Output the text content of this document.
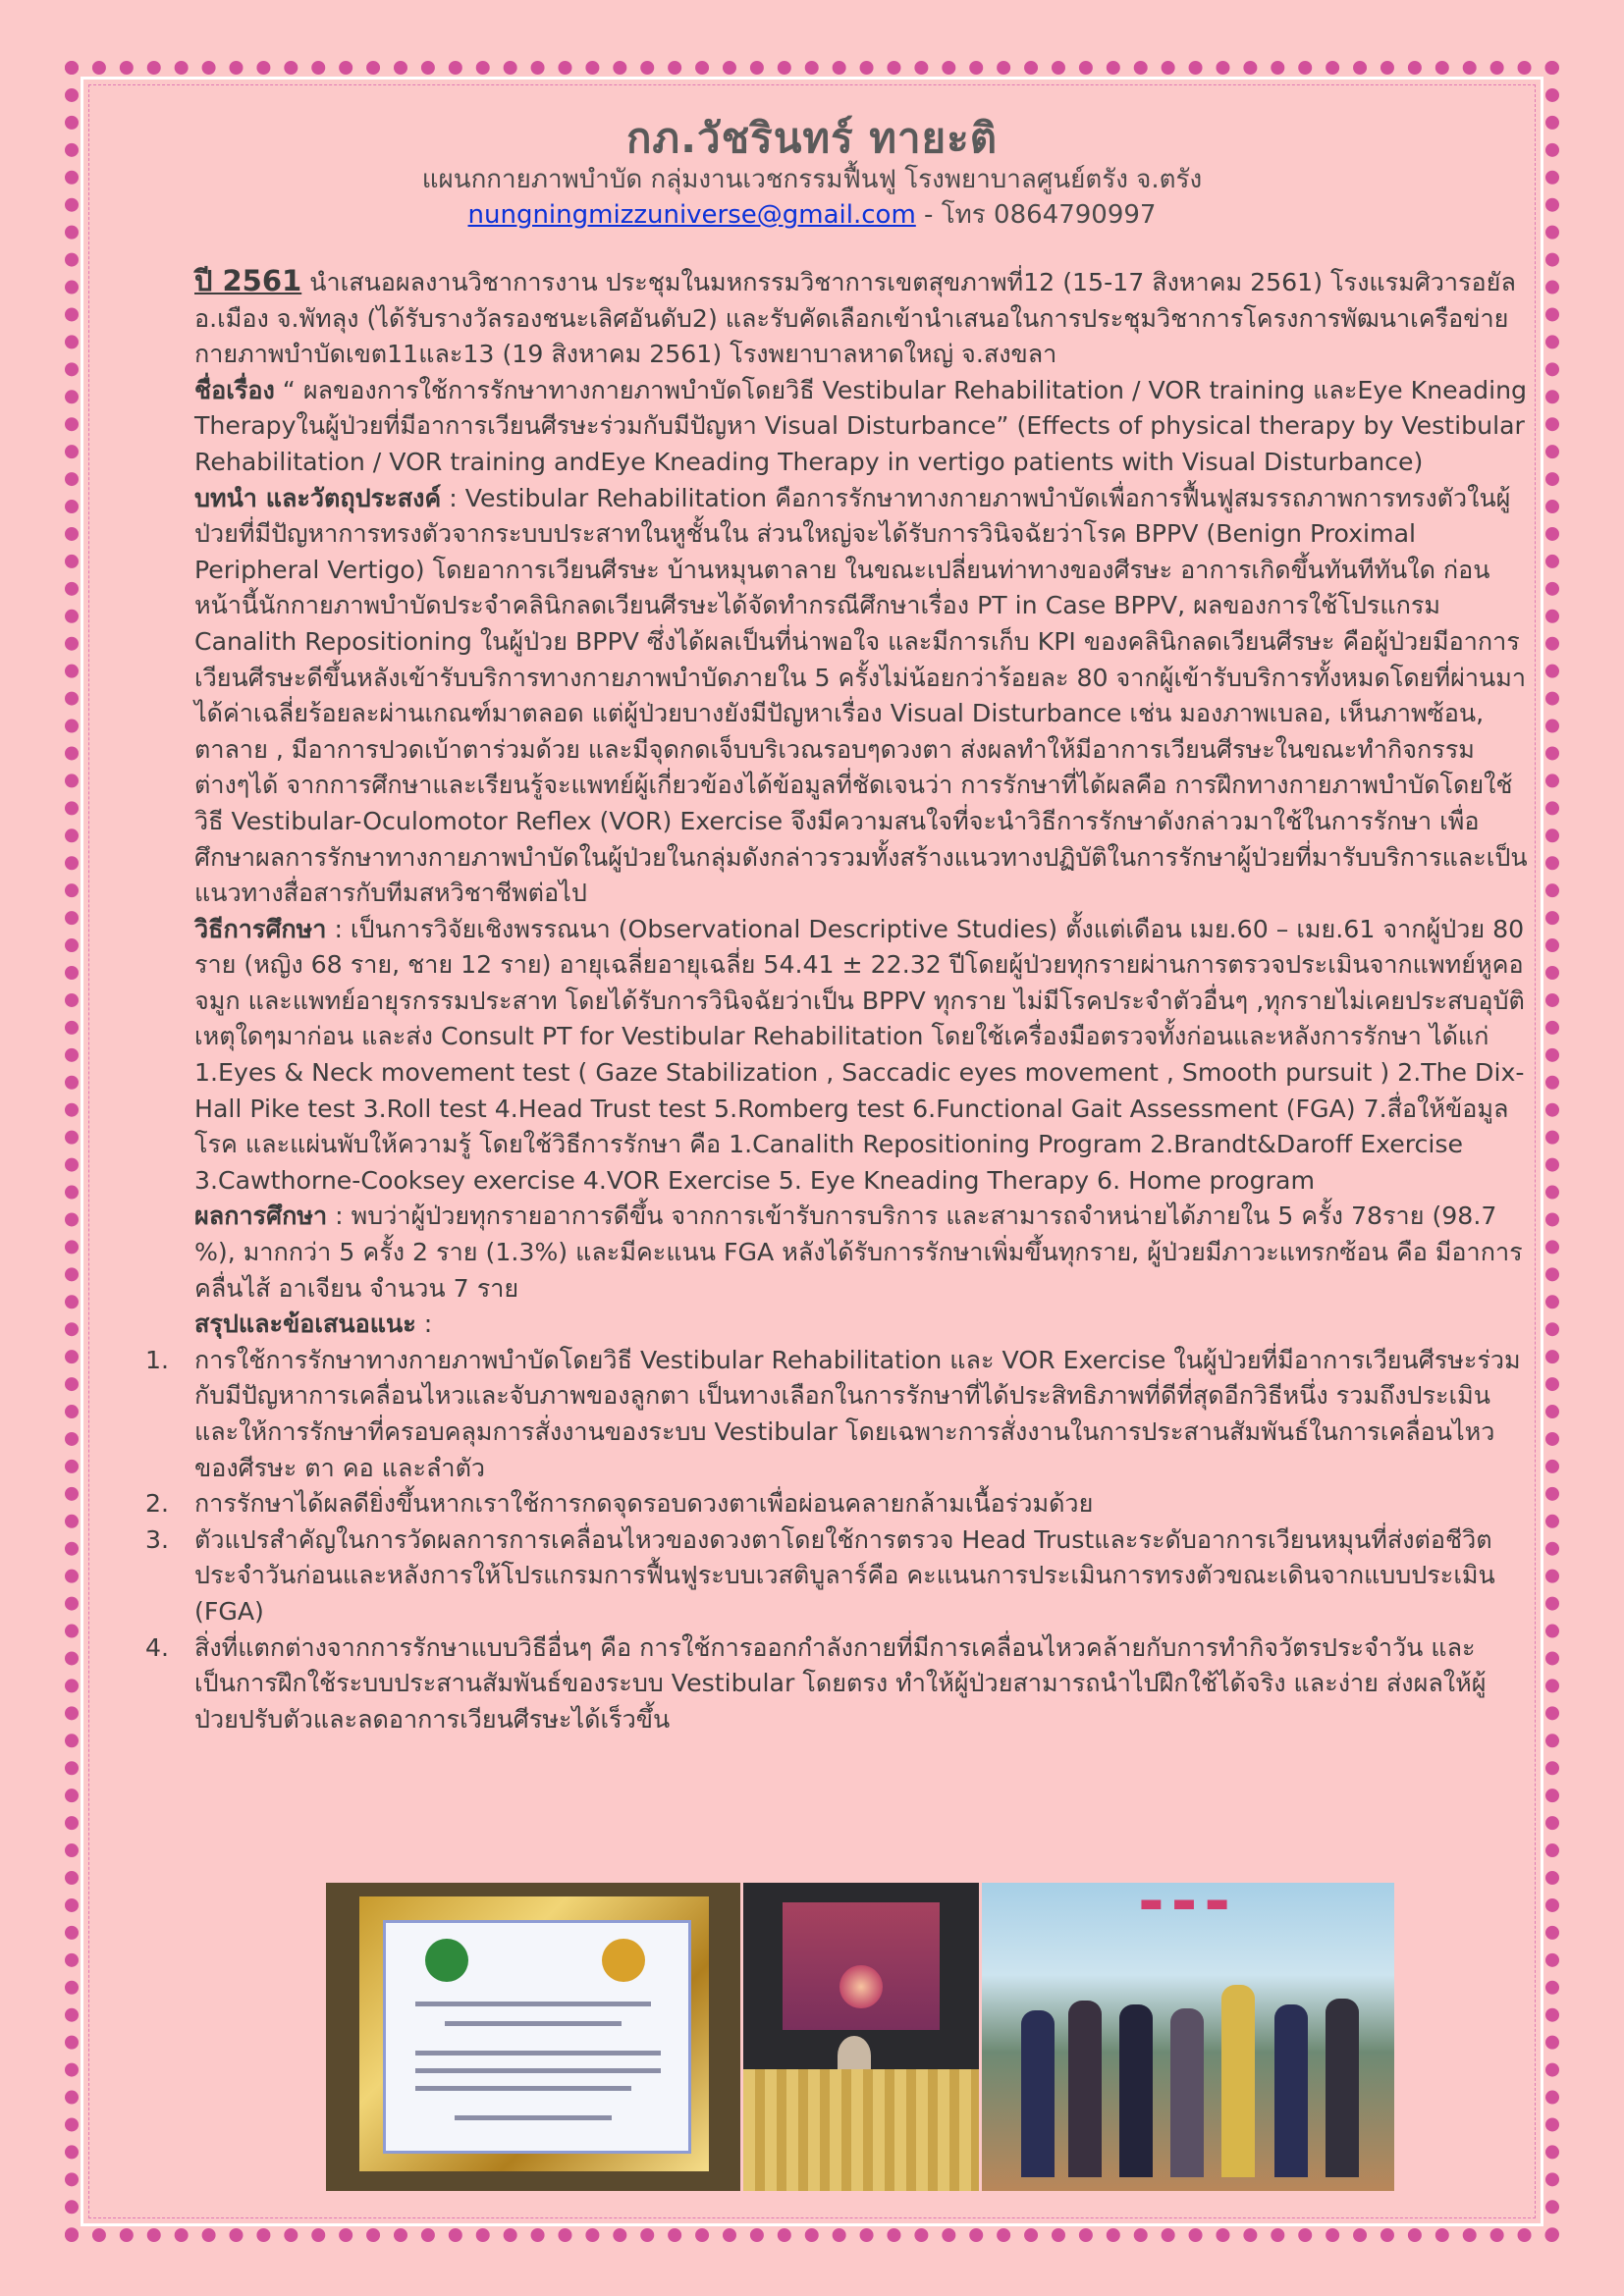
กภ.วัชรินทร์ ทายะติ
แผนกกายภาพบำบัด กลุ่มงานเวชกรรมฟื้นฟู โรงพยาบาลศูนย์ตรัง จ.ตรัง
nungningmizzuniverse@gmail.com - โทร 0864790997

ปี 2561 นำเสนอผลงานวิชาการงาน ประชุมในมหกรรมวิชาการเขตสุขภาพที่12 (15-17 สิงหาคม 2561) โรงแรมศิวารอยัล อ.เมือง จ.พัทลุง (ได้รับรางวัลรองชนะเลิศอันดับ2) และรับคัดเลือกเข้านำเสนอในการประชุมวิชาการโครงการพัฒนาเครือข่ายกายภาพบำบัดเขต11และ13 (19 สิงหาคม 2561) โรงพยาบาลหาดใหญ่ จ.สงขลา

ชื่อเรื่อง “ ผลของการใช้การรักษาทางกายภาพบำบัดโดยวิธี Vestibular Rehabilitation / VOR training และEye Kneading Therapyในผู้ป่วยที่มีอาการเวียนศีรษะร่วมกับมีปัญหา Visual Disturbance” (Effects of physical therapy by Vestibular Rehabilitation / VOR training andEye Kneading Therapy in vertigo patients with Visual Disturbance)

บทนำ และวัตถุประสงค์ : Vestibular Rehabilitation คือการรักษาทางกายภาพบำบัดเพื่อการฟื้นฟูสมรรถภาพการทรงตัวในผู้ป่วยที่มีปัญหาการทรงตัวจากระบบประสาทในหูชั้นใน ส่วนใหญ่จะได้รับการวินิจฉัยว่าโรค BPPV (Benign Proximal Peripheral Vertigo) โดยอาการเวียนศีรษะ บ้านหมุนตาลาย ในขณะเปลี่ยนท่าทางของศีรษะ อาการเกิดขึ้นทันทีทันใด ก่อนหน้านี้นักกายภาพบำบัดประจำคลินิกลดเวียนศีรษะได้จัดทำกรณีศึกษาเรื่อง PT in Case BPPV, ผลของการใช้โปรแกรม Canalith Repositioning ในผู้ป่วย BPPV ซึ่งได้ผลเป็นที่น่าพอใจ และมีการเก็บ KPI ของคลินิกลดเวียนศีรษะ คือผู้ป่วยมีอาการเวียนศีรษะดีขึ้นหลังเข้ารับบริการทางกายภาพบำบัดภายใน 5 ครั้งไม่น้อยกว่าร้อยละ 80 จากผู้เข้ารับบริการทั้งหมดโดยที่ผ่านมาได้ค่าเฉลี่ยร้อยละผ่านเกณฑ์มาตลอด แต่ผู้ป่วยบางยังมีปัญหาเรื่อง Visual Disturbance เช่น มองภาพเบลอ, เห็นภาพซ้อน, ตาลาย , มีอาการปวดเบ้าตาร่วมด้วย และมีจุดกดเจ็บบริเวณรอบๆดวงตา ส่งผลทำให้มีอาการเวียนศีรษะในขณะทำกิจกรรมต่างๆได้ จากการศึกษาและเรียนรู้จะแพทย์ผู้เกี่ยวข้องได้ข้อมูลที่ชัดเจนว่า การรักษาที่ได้ผลคือ การฝึกทางกายภาพบำบัดโดยใช้วิธี Vestibular-Oculomotor Reflex (VOR) Exercise จึงมีความสนใจที่จะนำวิธีการรักษาดังกล่าวมาใช้ในการรักษา เพื่อศึกษาผลการรักษาทางกายภาพบำบัดในผู้ป่วยในกลุ่มดังกล่าวรวมทั้งสร้างแนวทางปฏิบัติในการรักษาผู้ป่วยที่มารับบริการและเป็นแนวทางสื่อสารกับทีมสหวิชาชีพต่อไป

วิธีการศึกษา : เป็นการวิจัยเชิงพรรณนา (Observational Descriptive Studies) ตั้งแต่เดือน เมย.60 – เมย.61 จากผู้ป่วย 80 ราย (หญิง 68 ราย, ชาย 12 ราย) อายุเฉลี่ยอายุเฉลี่ย 54.41 ± 22.32 ปีโดยผู้ป่วยทุกรายผ่านการตรวจประเมินจากแพทย์หูคอจมูก และแพทย์อายุรกรรมประสาท โดยได้รับการวินิจฉัยว่าเป็น BPPV ทุกราย ไม่มีโรคประจำตัวอื่นๆ ,ทุกรายไม่เคยประสบอุบัติเหตุใดๆมาก่อน และส่ง Consult PT for Vestibular Rehabilitation โดยใช้เครื่องมือตรวจทั้งก่อนและหลังการรักษา ได้แก่ 1.Eyes & Neck movement test ( Gaze Stabilization , Saccadic eyes movement , Smooth pursuit ) 2.The Dix-Hall Pike test 3.Roll test 4.Head Trust test 5.Romberg test 6.Functional Gait Assessment (FGA) 7.สื่อให้ข้อมูลโรค และแผ่นพับให้ความรู้ โดยใช้วิธีการรักษา คือ 1.Canalith Repositioning Program 2.Brandt&Daroff Exercise 3.Cawthorne-Cooksey exercise 4.VOR Exercise 5. Eye Kneading Therapy 6. Home program

ผลการศึกษา : พบว่าผู้ป่วยทุกรายอาการดีขึ้น จากการเข้ารับการบริการ และสามารถจำหน่ายได้ภายใน 5 ครั้ง 78ราย (98.7 %), มากกว่า 5 ครั้ง 2 ราย (1.3%) และมีคะแนน FGA หลังได้รับการรักษาเพิ่มขึ้นทุกราย, ผู้ป่วยมีภาวะแทรกซ้อน คือ มีอาการคลื่นไส้ อาเจียน จำนวน 7 ราย

สรุปและข้อเสนอแนะ :

1.	การใช้การรักษาทางกายภาพบำบัดโดยวิธี Vestibular Rehabilitation และ VOR Exercise ในผู้ป่วยที่มีอาการเวียนศีรษะร่วมกับมีปัญหาการเคลื่อนไหวและจับภาพของลูกตา เป็นทางเลือกในการรักษาที่ได้ประสิทธิภาพที่ดีที่สุดอีกวิธีหนึ่ง รวมถึงประเมินและให้การรักษาที่ครอบคลุมการสั่งงานของระบบ Vestibular โดยเฉพาะการสั่งงานในการประสานสัมพันธ์ในการเคลื่อนไหวของศีรษะ ตา คอ และลำตัว
2.	การรักษาได้ผลดียิ่งขึ้นหากเราใช้การกดจุดรอบดวงตาเพื่อผ่อนคลายกล้ามเนื้อร่วมด้วย
3.	ตัวแปรสำคัญในการวัดผลการการเคลื่อนไหวของดวงตาโดยใช้การตรวจ Head Trustและระดับอาการเวียนหมุนที่ส่งต่อชีวิตประจำวันก่อนและหลังการให้โปรแกรมการฟื้นฟูระบบเวสติบูลาร์คือ คะแนนการประเมินการทรงตัวขณะเดินจากแบบประเมิน (FGA)
4.	สิ่งที่แตกต่างจากการรักษาแบบวิธีอื่นๆ คือ การใช้การออกกำลังกายที่มีการเคลื่อนไหวคล้ายกับการทำกิจวัตรประจำวัน และเป็นการฝึกใช้ระบบประสานสัมพันธ์ของระบบ Vestibular โดยตรง ทำให้ผู้ป่วยสามารถนำไปฝึกใช้ได้จริง และง่าย ส่งผลให้ผู้ป่วยปรับตัวและลดอาการเวียนศีรษะได้เร็วขึ้น
▬ ▬ ▬
